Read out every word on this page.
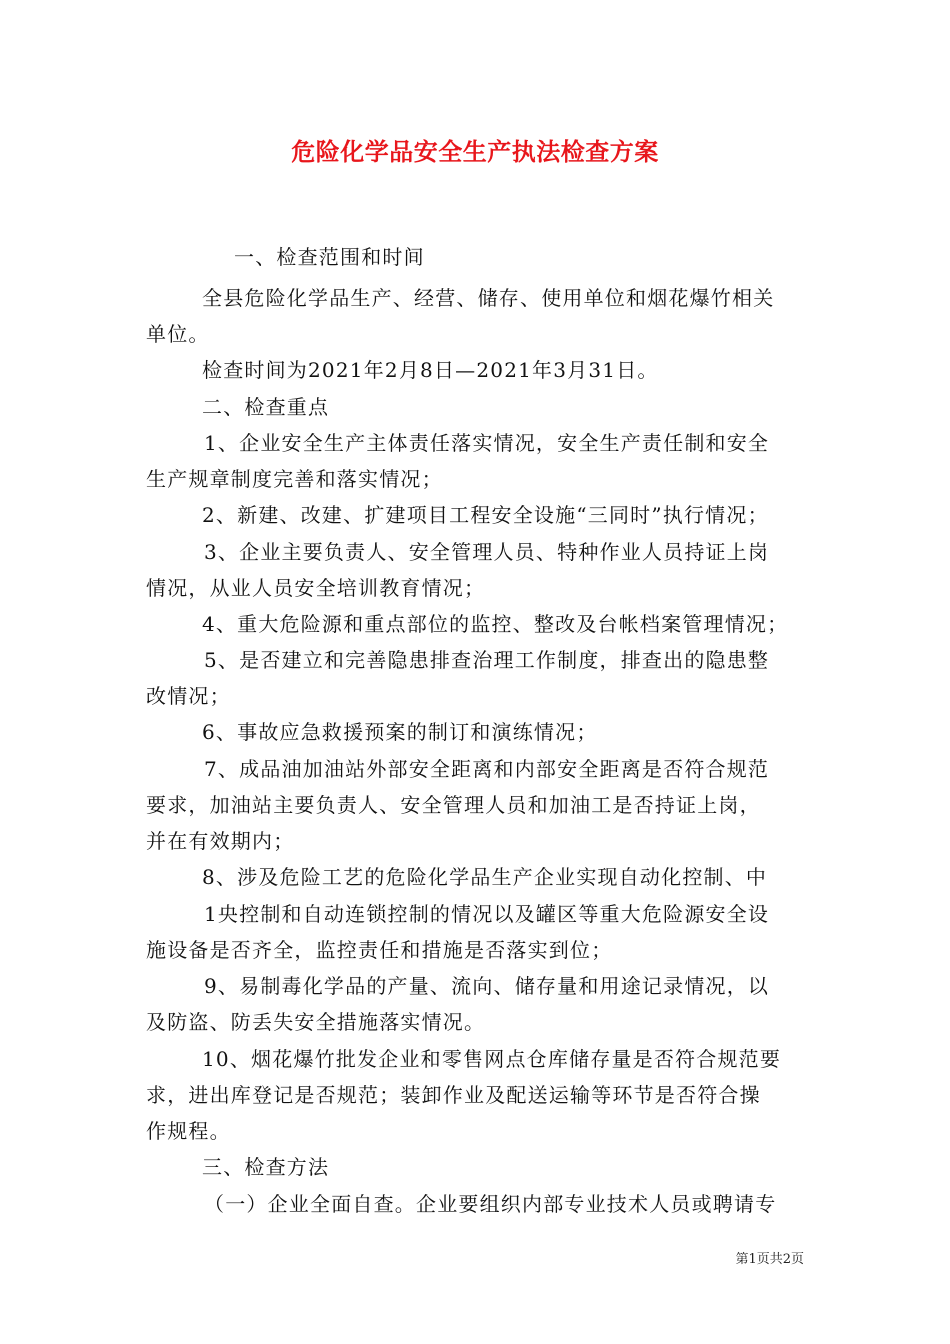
危险化学品安全生产执法检查方案
一、检查范围和时间
全县危险化学品生产、经营、储存、使用单位和烟花爆竹相关
单位。
检查时间为2021年2月8日—2021年3月31日。
二、检查重点
1、企业安全生产主体责任落实情况，安全生产责任制和安全
生产规章制度完善和落实情况；
2、新建、改建、扩建项目工程安全设施“三同时”执行情况；
3、企业主要负责人、安全管理人员、特种作业人员持证上岗
情况，从业人员安全培训教育情况；
4、重大危险源和重点部位的监控、整改及台帐档案管理情况；
5、是否建立和完善隐患排查治理工作制度，排查出的隐患整
改情况；
6、事故应急救援预案的制订和演练情况；
7、成品油加油站外部安全距离和内部安全距离是否符合规范
要求，加油站主要负责人、安全管理人员和加油工是否持证上岗，
并在有效期内；
8、涉及危险工艺的危险化学品生产企业实现自动化控制、中
1央控制和自动连锁控制的情况以及罐区等重大危险源安全设
施设备是否齐全，监控责任和措施是否落实到位；
9、易制毒化学品的产量、流向、储存量和用途记录情况，以
及防盗、防丢失安全措施落实情况。
10、烟花爆竹批发企业和零售网点仓库储存量是否符合规范要
求，进出库登记是否规范；装卸作业及配送运输等环节是否符合操
作规程。
三、检查方法
（一）企业全面自查。企业要组织内部专业技术人员或聘请专
第1页共2页
